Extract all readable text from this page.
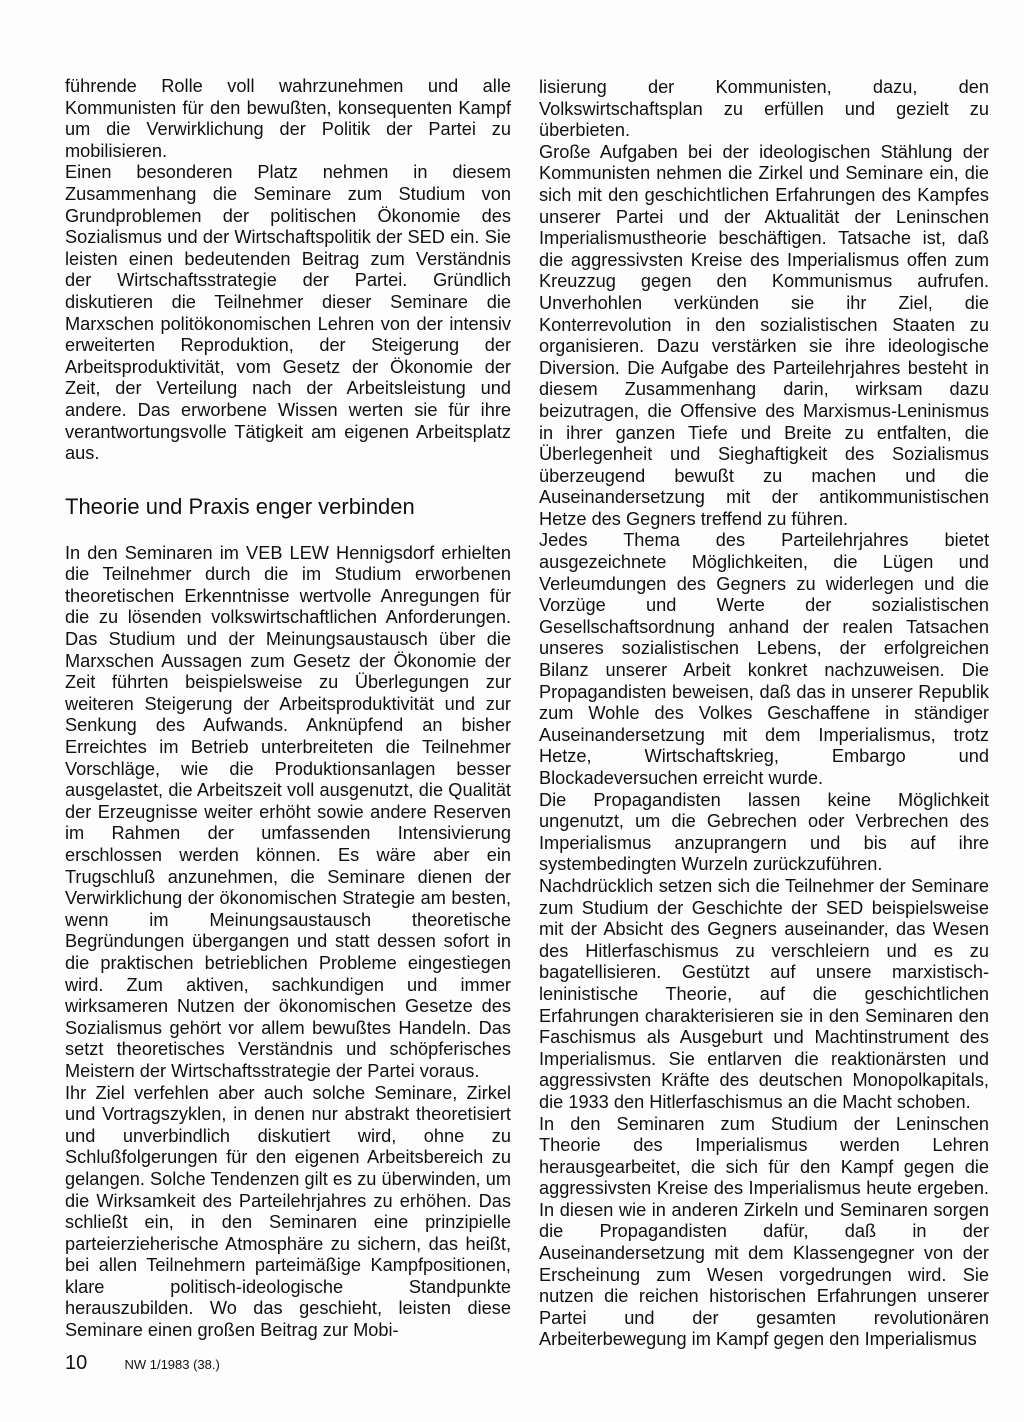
führende Rolle voll wahrzunehmen und alle Kommunisten für den bewußten, konsequenten Kampf um die Verwirklichung der Politik der Partei zu mobilisieren.

Einen besonderen Platz nehmen in diesem Zusammenhang die Seminare zum Studium von Grundproblemen der politischen Ökonomie des Sozialismus und der Wirtschaftspolitik der SED ein. Sie leisten einen bedeutenden Beitrag zum Verständnis der Wirtschaftsstrategie der Partei. Gründlich diskutieren die Teilnehmer dieser Seminare die Marxschen politökonomischen Lehren von der intensiv erweiterten Reproduktion, der Steigerung der Arbeitsproduktivität, vom Gesetz der Ökonomie der Zeit, der Verteilung nach der Arbeitsleistung und andere. Das erworbene Wissen werten sie für ihre verantwortungsvolle Tätigkeit am eigenen Arbeitsplatz aus.

Theorie und Praxis enger verbinden

In den Seminaren im VEB LEW Hennigsdorf erhielten die Teilnehmer durch die im Studium erworbenen theoretischen Erkenntnisse wertvolle Anregungen für die zu lösenden volkswirtschaftlichen Anforderungen. Das Studium und der Meinungsaustausch über die Marxschen Aussagen zum Gesetz der Ökonomie der Zeit führten beispielsweise zu Überlegungen zur weiteren Steigerung der Arbeitsproduktivität und zur Senkung des Aufwands. Anknüpfend an bisher Erreichtes im Betrieb unterbreiteten die Teilnehmer Vorschläge, wie die Produktionsanlagen besser ausgelastet, die Arbeitszeit voll ausgenutzt, die Qualität der Erzeugnisse weiter erhöht sowie andere Reserven im Rahmen der umfassenden Intensivierung erschlossen werden können. Es wäre aber ein Trugschluß anzunehmen, die Seminare dienen der Verwirklichung der ökonomischen Strategie am besten, wenn im Meinungsaustausch theoretische Begründungen übergangen und statt dessen sofort in die praktischen betrieblichen Probleme eingestiegen wird. Zum aktiven, sachkundigen und immer wirksameren Nutzen der ökonomischen Gesetze des Sozialismus gehört vor allem bewußtes Handeln. Das setzt theoretisches Verständnis und schöpferisches Meistern der Wirtschaftsstrategie der Partei voraus.

Ihr Ziel verfehlen aber auch solche Seminare, Zirkel und Vortragszyklen, in denen nur abstrakt theoretisiert und unverbindlich diskutiert wird, ohne zu Schlußfolgerungen für den eigenen Arbeitsbereich zu gelangen. Solche Tendenzen gilt es zu überwinden, um die Wirksamkeit des Parteilehrjahres zu erhöhen. Das schließt ein, in den Seminaren eine prinzipielle parteierzieherische Atmosphäre zu sichern, das heißt, bei allen Teilnehmern parteimäßige Kampfpositionen, klare politisch-ideologische Standpunkte herauszubilden. Wo das geschieht, leisten diese Seminare einen großen Beitrag zur Mobi-

lisierung der Kommunisten, dazu, den Volkswirtschaftsplan zu erfüllen und gezielt zu überbieten.

Große Aufgaben bei der ideologischen Stählung der Kommunisten nehmen die Zirkel und Seminare ein, die sich mit den geschichtlichen Erfahrungen des Kampfes unserer Partei und der Aktualität der Leninschen Imperialismustheorie beschäftigen. Tatsache ist, daß die aggressivsten Kreise des Imperialismus offen zum Kreuzzug gegen den Kommunismus aufrufen. Unverhohlen verkünden sie ihr Ziel, die Konterrevolution in den sozialistischen Staaten zu organisieren. Dazu verstärken sie ihre ideologische Diversion. Die Aufgabe des Parteilehrjahres besteht in diesem Zusammenhang darin, wirksam dazu beizutragen, die Offensive des Marxismus-Leninismus in ihrer ganzen Tiefe und Breite zu entfalten, die Überlegenheit und Sieghaftigkeit des Sozialismus überzeugend bewußt zu machen und die Auseinandersetzung mit der antikommunistischen Hetze des Gegners treffend zu führen.

Jedes Thema des Parteilehrjahres bietet ausgezeichnete Möglichkeiten, die Lügen und Verleumdungen des Gegners zu widerlegen und die Vorzüge und Werte der sozialistischen Gesellschaftsordnung anhand der realen Tatsachen unseres sozialistischen Lebens, der erfolgreichen Bilanz unserer Arbeit konkret nachzuweisen. Die Propagandisten beweisen, daß das in unserer Republik zum Wohle des Volkes Geschaffene in ständiger Auseinandersetzung mit dem Imperialismus, trotz Hetze, Wirtschaftskrieg, Embargo und Blockadeversuchen erreicht wurde.

Die Propagandisten lassen keine Möglichkeit ungenutzt, um die Gebrechen oder Verbrechen des Imperialismus anzuprangern und bis auf ihre systembedingten Wurzeln zurückzuführen.

Nachdrücklich setzen sich die Teilnehmer der Seminare zum Studium der Geschichte der SED beispielsweise mit der Absicht des Gegners auseinander, das Wesen des Hitlerfaschismus zu verschleiern und es zu bagatellisieren. Gestützt auf unsere marxistisch-leninistische Theorie, auf die geschichtlichen Erfahrungen charakterisieren sie in den Seminaren den Faschismus als Ausgeburt und Machtinstrument des Imperialismus. Sie entlarven die reaktionärsten und aggressivsten Kräfte des deutschen Monopolkapitals, die 1933 den Hitlerfaschismus an die Macht schoben.

In den Seminaren zum Studium der Leninschen Theorie des Imperialismus werden Lehren herausgearbeitet, die sich für den Kampf gegen die aggressivsten Kreise des Imperialismus heute ergeben. In diesen wie in anderen Zirkeln und Seminaren sorgen die Propagandisten dafür, daß in der Auseinandersetzung mit dem Klassengegner von der Erscheinung zum Wesen vorgedrungen wird. Sie nutzen die reichen historischen Erfahrungen unserer Partei und der gesamten revolutionären Arbeiterbewegung im Kampf gegen den Imperialismus

10	NW 1/1983 (38.)
